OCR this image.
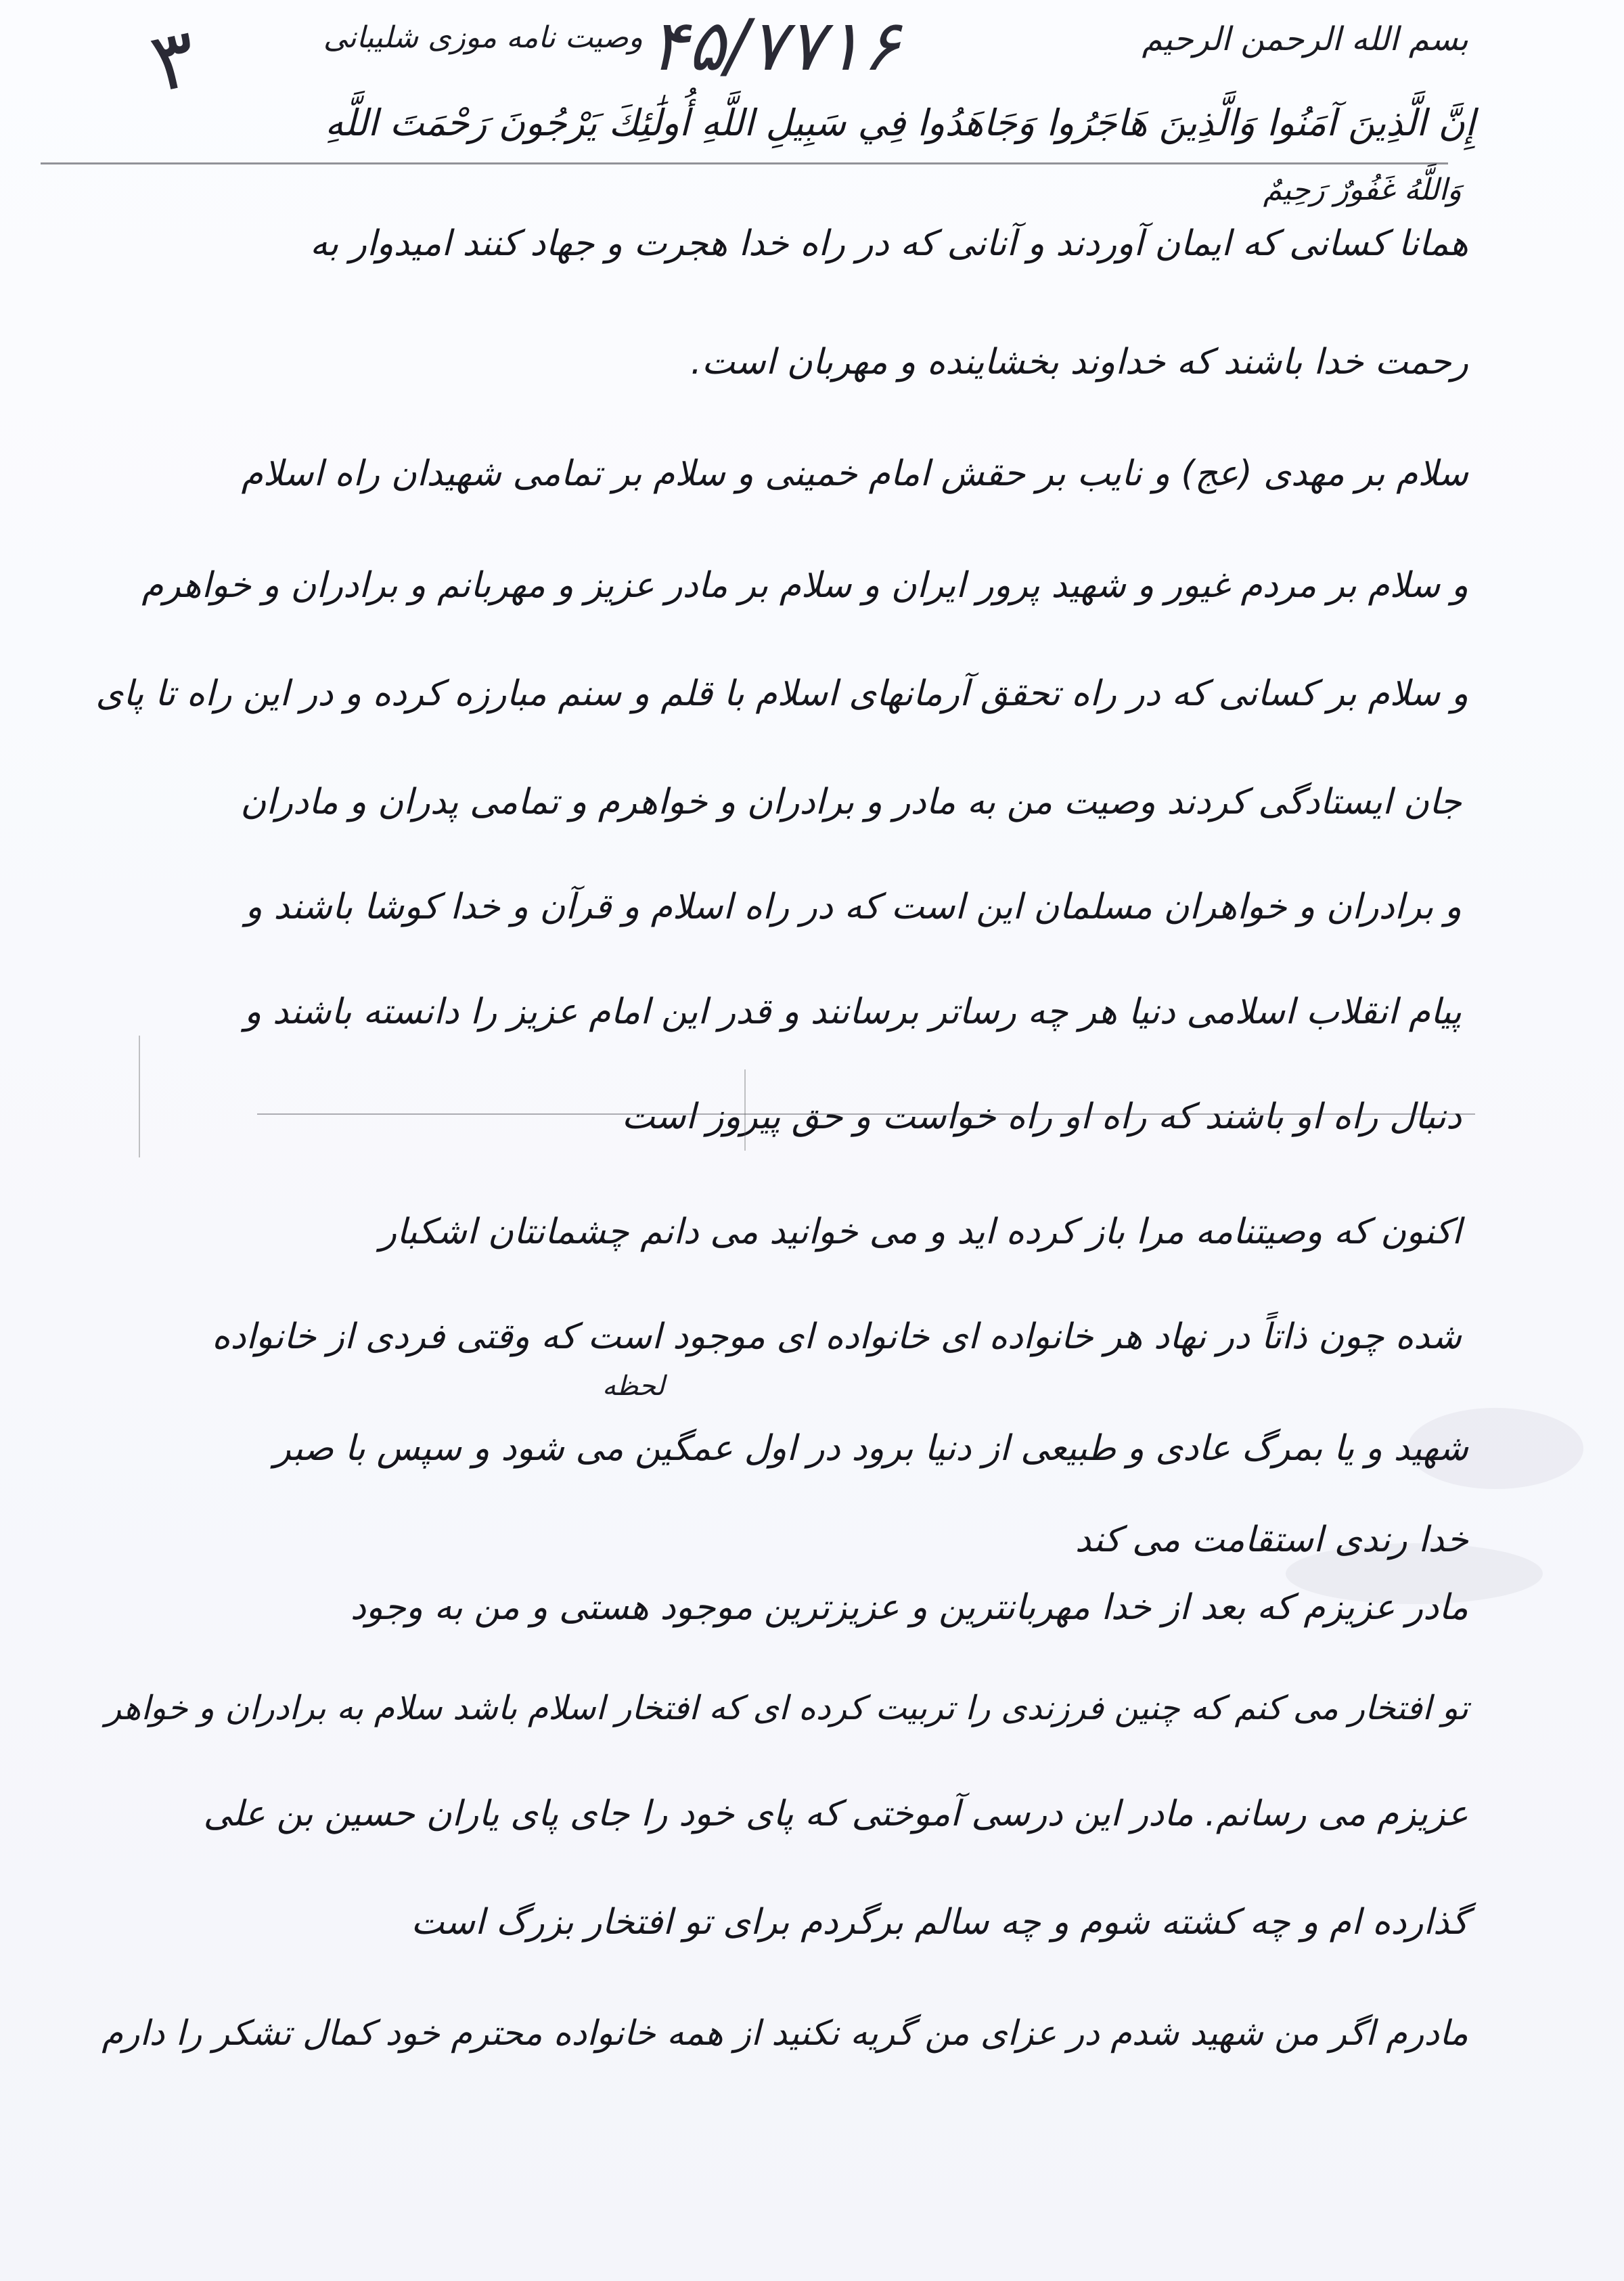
۳	۴۵/۷۷۱۶
وصیت نامه موزی شلیبانی	بسم الله الرحمن الرحیم
إِنَّ الَّذِينَ آمَنُوا وَالَّذِينَ هَاجَرُوا وَجَاهَدُوا فِي سَبِيلِ اللَّهِ أُولَٰئِكَ يَرْجُونَ رَحْمَتَ اللَّهِ
وَاللَّهُ غَفُورٌ رَحِيمٌ
همانا کسانی که ایمان آوردند و آنانی که در راه خدا هجرت و جهاد کنند امیدوار به
رحمت خدا باشند که خداوند بخشاینده و مهربان است.
سلام بر مهدی (عج) و نایب بر حقش امام خمینی و سلام بر تمامی شهیدان راه اسلام
و سلام بر مردم غیور و شهید پرور ایران و سلام بر مادر عزیز و مهربانم و برادران و خواهرم
و سلام بر کسانی که در راه تحقق آرمانهای اسلام با قلم و سنم مبارزه کرده و در این راه تا پای
جان ایستادگی کردند وصیت من به مادر و برادران و خواهرم و تمامی پدران و مادران
و برادران و خواهران مسلمان این است که در راه اسلام و قرآن و خدا کوشا باشند و
پیام انقلاب اسلامی دنیا هر چه رساتر برسانند و قدر این امام عزیز را دانسته باشند و
دنبال راه او باشند که راه او راه خواست و حق پیروز است
اکنون که وصیتنامه مرا باز کرده اید و می خوانید می دانم چشمانتان اشکبار
شده چون ذاتاً در نهاد هر خانواده ای خانواده ای موجود است که وقتی فردی از خانواده
لحظه
شهید و یا بمرگ عادی و طبیعی از دنیا برود در اول عمگین می شود و سپس با صبر
خدا رندی استقامت می کند
مادر عزیزم که بعد از خدا مهربانترین و عزیزترین موجود هستی و من به وجود
تو افتخار می کنم که چنین فرزندی را تربیت کرده ای که افتخار اسلام باشد سلام به برادران و خواهر
عزیزم می رسانم. مادر این درسی آموختی که پای خود را جای پای یاران حسین بن علی
گذارده ام و چه کشته شوم و چه سالم برگردم برای تو افتخار بزرگ است
مادرم اگر من شهید شدم در عزای من گریه نکنید از همه خانواده محترم خود کمال تشکر را دارم
